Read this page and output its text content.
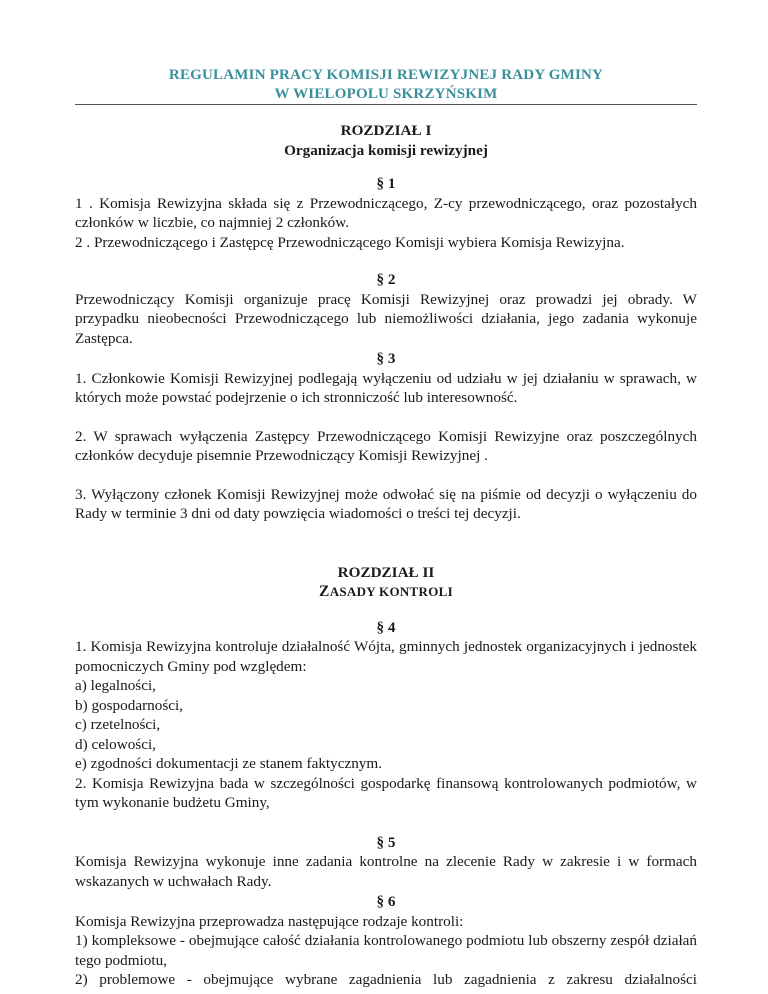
REGULAMIN PRACY KOMISJI REWIZYJNEJ RADY GMINY
W WIELOPOLU SKRZYŃSKIM

ROZDZIAŁ I

Organizacja komisji rewizyjnej

§ 1

1 . Komisja Rewizyjna składa się z Przewodniczącego, Z-cy przewodniczącego, oraz pozostałych członków w liczbie, co najmniej 2 członków.

2 . Przewodniczącego i Zastępcę Przewodniczącego Komisji wybiera Komisja Rewizyjna.

§ 2

Przewodniczący Komisji organizuje pracę Komisji Rewizyjnej oraz prowadzi jej obrady. W przypadku nieobecności Przewodniczącego lub niemożliwości działania, jego zadania wykonuje Zastępca.

§ 3

1. Członkowie Komisji Rewizyjnej podlegają wyłączeniu od udziału w jej działaniu w sprawach, w których może powstać podejrzenie o ich stronniczość lub interesowność.

2. W sprawach wyłączenia Zastępcy Przewodniczącego Komisji Rewizyjne oraz poszczególnych członków decyduje pisemnie Przewodniczący Komisji Rewizyjnej .

3. Wyłączony członek Komisji Rewizyjnej może odwołać się na piśmie od decyzji o wyłączeniu do Rady w terminie 3 dni od daty powzięcia wiadomości o treści tej decyzji.

ROZDZIAŁ II

ZASADY KONTROLI

§ 4

1. Komisja Rewizyjna kontroluje działalność Wójta, gminnych jednostek organizacyjnych i jednostek pomocniczych Gminy pod względem:

a) legalności,

b) gospodarności,

c) rzetelności,

d) celowości,

e) zgodności dokumentacji ze stanem faktycznym.

2. Komisja Rewizyjna bada w szczególności gospodarkę finansową kontrolowanych podmiotów, w tym wykonanie budżetu Gminy,

§ 5

Komisja Rewizyjna wykonuje inne zadania kontrolne na zlecenie Rady w zakresie i w formach wskazanych w uchwałach Rady.

§ 6

Komisja Rewizyjna przeprowadza następujące rodzaje kontroli:

1) kompleksowe - obejmujące całość działania kontrolowanego podmiotu lub obszerny zespół działań tego podmiotu,

2) problemowe - obejmujące wybrane zagadnienia lub zagadnienia z zakresu działalności
